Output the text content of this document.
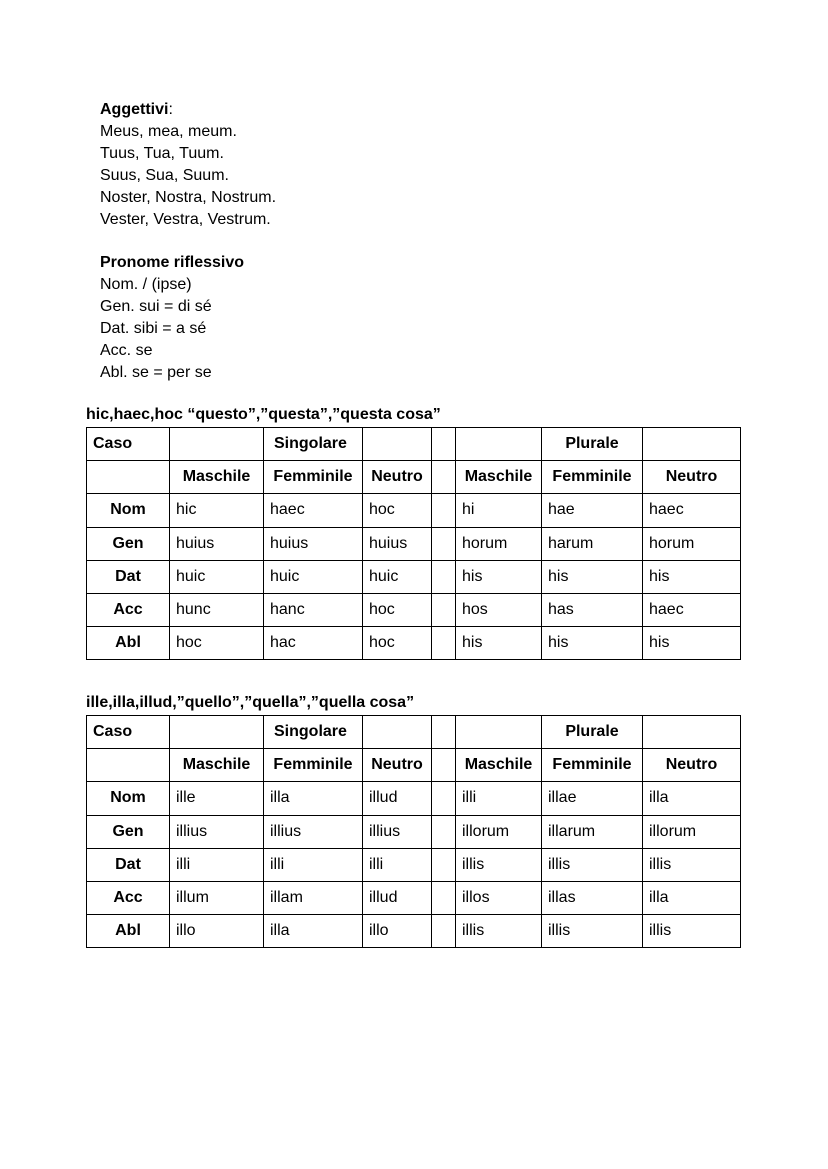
Aggettivi:
Meus, mea, meum.
Tuus, Tua, Tuum.
Suus, Sua, Suum.
Noster, Nostra, Nostrum.
Vester, Vestra, Vestrum.
Pronome riflessivo
Nom. / (ipse)
Gen. sui = di sé
Dat. sibi = a sé
Acc. se
Abl. se = per se
hic,haec,hoc “questo”,”questa”,”questa cosa”
Caso		Singolare				Plurale	
	Maschile	Femminile	Neutro		Maschile	Femminile	Neutro
Nom	hic	haec	hoc		hi	hae	haec
Gen	huius	huius	huius		horum	harum	horum
Dat	huic	huic	huic		his	his	his
Acc	hunc	hanc	hoc		hos	has	haec
Abl	hoc	hac	hoc		his	his	his
ille,illa,illud,”quello”,”quella”,”quella cosa”
Caso		Singolare				Plurale	
	Maschile	Femminile	Neutro		Maschile	Femminile	Neutro
Nom	ille	illa	illud		illi	illae	illa
Gen	illius	illius	illius		illorum	illarum	illorum
Dat	illi	illi	illi		illis	illis	illis
Acc	illum	illam	illud		illos	illas	illa
Abl	illo	illa	illo		illis	illis	illis
